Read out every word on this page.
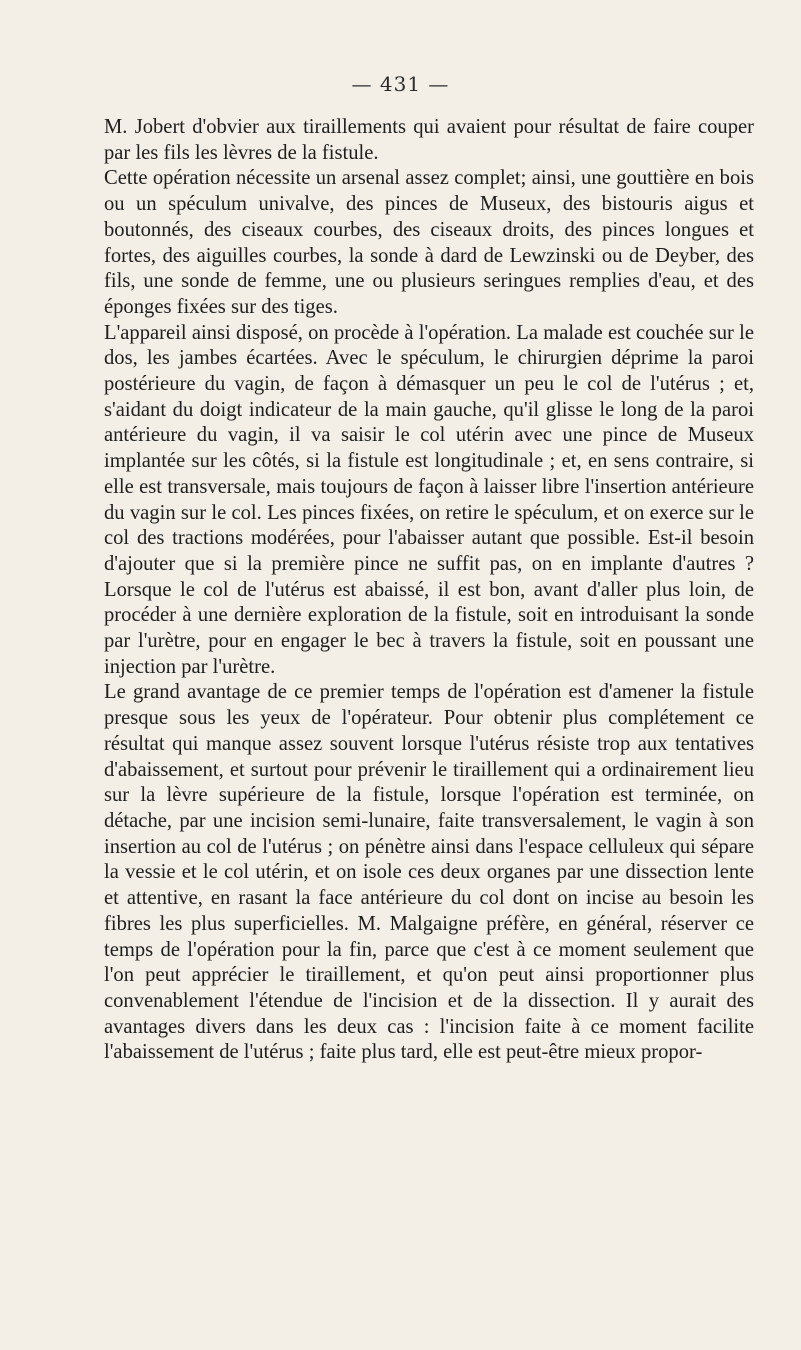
— 431 —

M. Jobert d'obvier aux tiraillements qui avaient pour résultat de faire couper par les fils les lèvres de la fistule.

Cette opération nécessite un arsenal assez complet; ainsi, une gouttière en bois ou un spéculum univalve, des pinces de Museux, des bistouris aigus et boutonnés, des ciseaux courbes, des ciseaux droits, des pinces longues et fortes, des aiguilles courbes, la sonde à dard de Lewzinski ou de Deyber, des fils, une sonde de femme, une ou plusieurs seringues remplies d'eau, et des éponges fixées sur des tiges.

L'appareil ainsi disposé, on procède à l'opération. La malade est couchée sur le dos, les jambes écartées. Avec le spéculum, le chirurgien déprime la paroi postérieure du vagin, de façon à démasquer un peu le col de l'utérus ; et, s'aidant du doigt indicateur de la main gauche, qu'il glisse le long de la paroi antérieure du vagin, il va saisir le col utérin avec une pince de Museux implantée sur les côtés, si la fistule est longitudinale ; et, en sens contraire, si elle est transversale, mais toujours de façon à laisser libre l'insertion antérieure du vagin sur le col. Les pinces fixées, on retire le spéculum, et on exerce sur le col des tractions modérées, pour l'abaisser autant que possible. Est-il besoin d'ajouter que si la première pince ne suffit pas, on en implante d'autres ? Lorsque le col de l'utérus est abaissé, il est bon, avant d'aller plus loin, de procéder à une dernière exploration de la fistule, soit en introduisant la sonde par l'urètre, pour en engager le bec à travers la fistule, soit en poussant une injection par l'urètre.

Le grand avantage de ce premier temps de l'opération est d'amener la fistule presque sous les yeux de l'opérateur. Pour obtenir plus complétement ce résultat qui manque assez souvent lorsque l'utérus résiste trop aux tentatives d'abaissement, et surtout pour prévenir le tiraillement qui a ordinairement lieu sur la lèvre supérieure de la fistule, lorsque l'opération est terminée, on détache, par une incision semi-lunaire, faite transversalement, le vagin à son insertion au col de l'utérus ; on pénètre ainsi dans l'espace celluleux qui sépare la vessie et le col utérin, et on isole ces deux organes par une dissection lente et attentive, en rasant la face antérieure du col dont on incise au besoin les fibres les plus superficielles. M. Malgaigne préfère, en général, réserver ce temps de l'opération pour la fin, parce que c'est à ce moment seulement que l'on peut apprécier le tiraillement, et qu'on peut ainsi proportionner plus convenablement l'étendue de l'incision et de la dissection. Il y aurait des avantages divers dans les deux cas : l'incision faite à ce moment facilite l'abaissement de l'utérus ; faite plus tard, elle est peut-être mieux propor-
